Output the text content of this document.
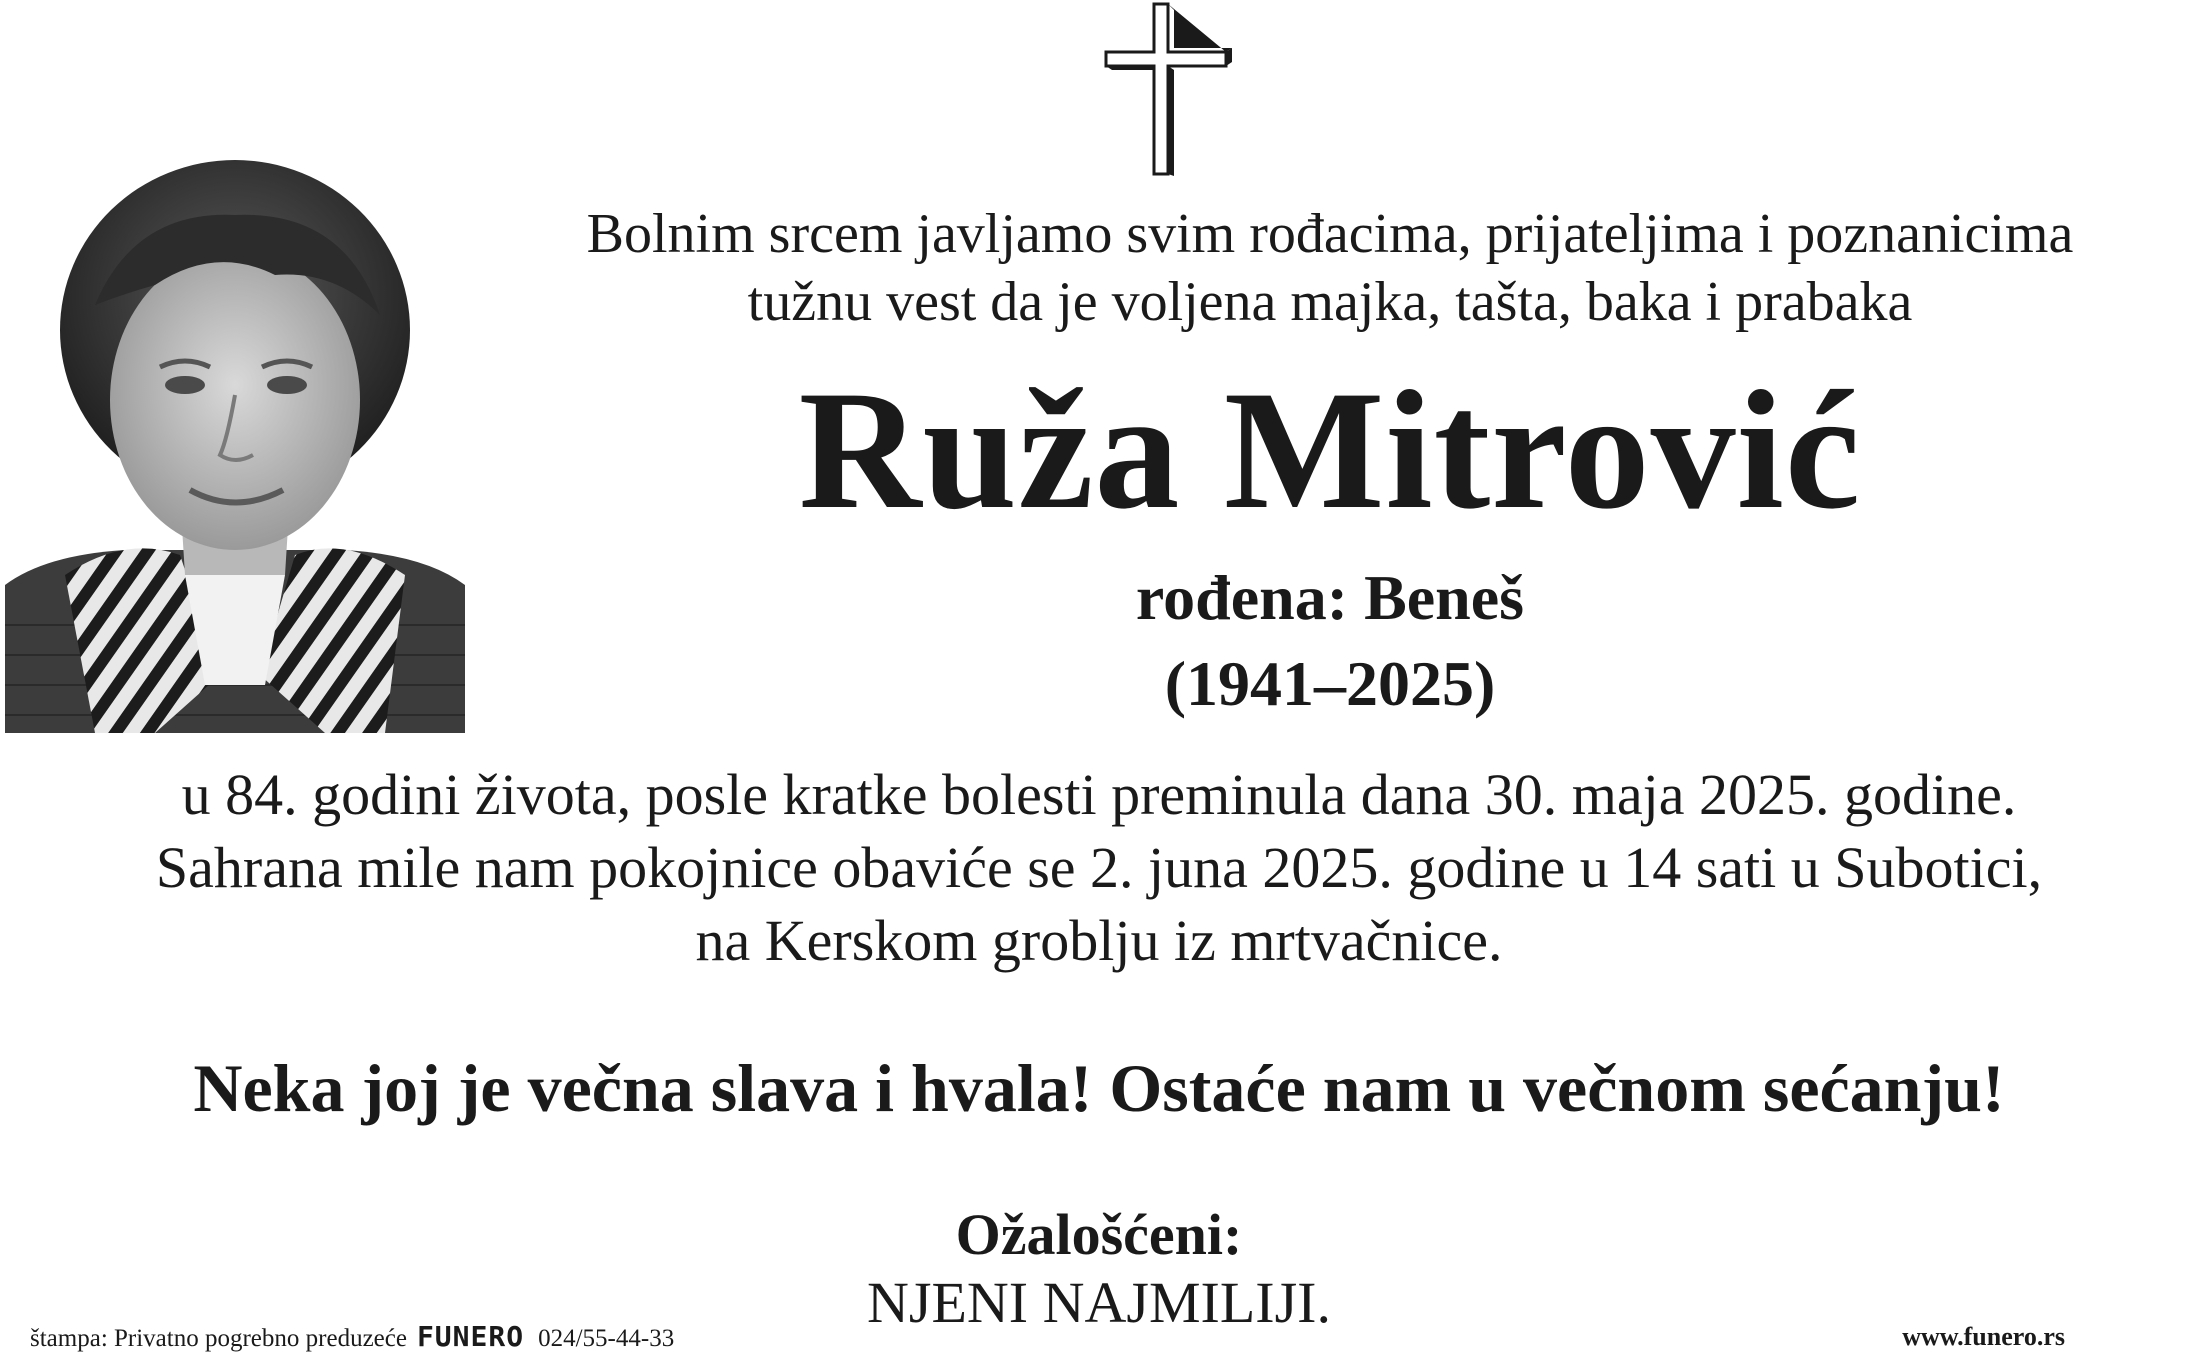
Bolnim srcem javljamo svim rođacima, prijateljima i poznanicima
tužnu vest da je voljena majka, tašta, baka i prabaka
Ruža Mitrović
rođena: Beneš
(1941–2025)
u 84. godini života, posle kratke bolesti preminula dana 30. maja 2025. godine.
Sahrana mile nam pokojnice obaviće se 2. juna 2025. godine u 14 sati u Subotici,
na Kerskom groblju iz mrtvačnice.
Neka joj je večna slava i hvala! Ostaće nam u večnom sećanju!
Ožalošćeni:
NJENI NAJMILIJI.
štampa: Privatno pogrebno preduzeće FUNERO 024/55-44-33	www.funero.rs
